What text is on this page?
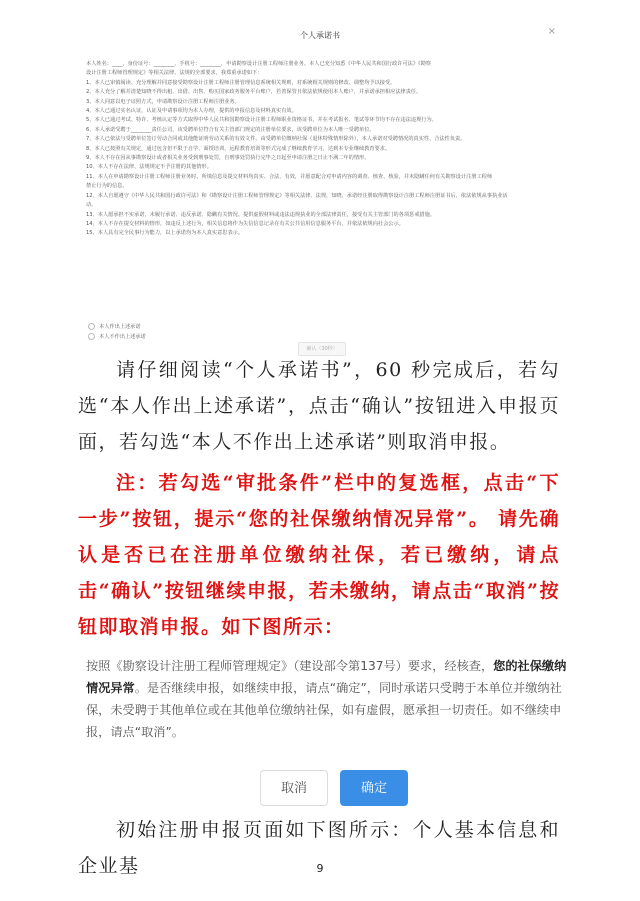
个人承诺书	×

本人姓名：____，身份证号：________，手机号：________，申请勘察设计注册工程师注册业务。本人已充分知悉《中华人民共和国行政许可法》《勘察

设计注册工程师管理规定》等相关法律、法规的全部要求，我郑重承诺如下：

1、本人已审慎阅读、充分理解并同意接受勘察设计注册工程师注册管理信息系统相关规则，对系统相关规则的修改、调整均予以接受。

2、本人充分了解并清楚知晓不得出租、出借、出售、购买国家政务服务平台账户，若善保管且依法依规使用本人账户，并承诺承担相应法律责任。

3、本人同意以电子证照方式，申请勘察设计注册工程师注册业务。

4、本人已通过实名认证，认证及申请事项均为本人办理，提供的申报信息及材料真实有效。

5、本人已通过考试、特许、考核认定等方式取得中华人民共和国勘察设计注册工程师职业资格证书，并在考试报名、笔试等环节均不存在违法违规行为。

6、本人承诺受聘于________责任公司，该受聘单位符合有关主管部门规定的注册单位要求，该受聘单位为本人唯一受聘单位。

7、本人已依法与受聘单位签订劳动合同或其他能证明劳动关系的有效文件，由受聘单位缴纳社保（退休特殊情形除外），本人承诺对受聘情况的真实性、合法性负责。

8、本人已按照有关规定，通过包含但不限于自学、面授培训、远程教育培训等形式完成了继续教育学习，达到本专业继续教育要求。

9、本人不存在因从事勘察设计或者相关业务受到刑事处罚，自刑事处罚执行完毕之日起至申请注册之日止不满二年的情形。

10、本人不存在法律、法规规定不予注册的其他情形。

11、本人在申请勘察设计注册工程师注册业务时，所填信息及提交材料均真实、合法、有效，并愿意配合对申请内容的调查、核查、核验，并未隐瞒任何有关勘察设计注册工程师

禁止行为的信息。

12、本人自愿遵守《中华人民共和国行政许可法》和《勘察设计注册工程师管理规定》等相关法律、法规，知晓、承诺经注册取得勘察设计注册工程师注册证书后，依法依规从事执业活

动。

13、本人愿承担不实承诺、未履行承诺、违反承诺、隐瞒有关情况、提供虚假材料或违法违规执业的全部法律责任，接受有关主管部门的各项惩戒措施。

14、本人不存在提交材料的情形，如违反上述行为，相关信息将作为失信信息记录在有关公共信用信息服务平台，并依法依规向社会公示。

15、本人具有完全民事行为能力，以上承诺均为本人真实意思表示。

本人作出上述承诺
本人不作出上述承诺
确认（30秒）
请仔细阅读“个人承诺书”，60 秒完成后，若勾选“本人作出上述承诺”，点击“确认”按钮进入申报页面，若勾选“本人不作出上述承诺”则取消申报。
注：若勾选“审批条件”栏中的复选框，点击“下一步”按钮，提示“您的社保缴纳情况异常”。 请先确认是否已在注册单位缴纳社保，若已缴纳，请点击“确认”按钮继续申报，若未缴纳，请点击“取消”按钮即取消申报。如下图所示：

按照《勘察设计注册工程师管理规定》（建设部令第137号）要求，经核查，您的社保缴纳情况异常。是否继续申报，如继续申报，请点“确定”，同时承诺只受聘于本单位并缴纳社保，未受聘于其他单位或在其他单位缴纳社保，如有虚假，愿承担一切责任。如不继续申报，请点“取消”。

取消	确定
初始注册申报页面如下图所示：个人基本信息和企业基	9
